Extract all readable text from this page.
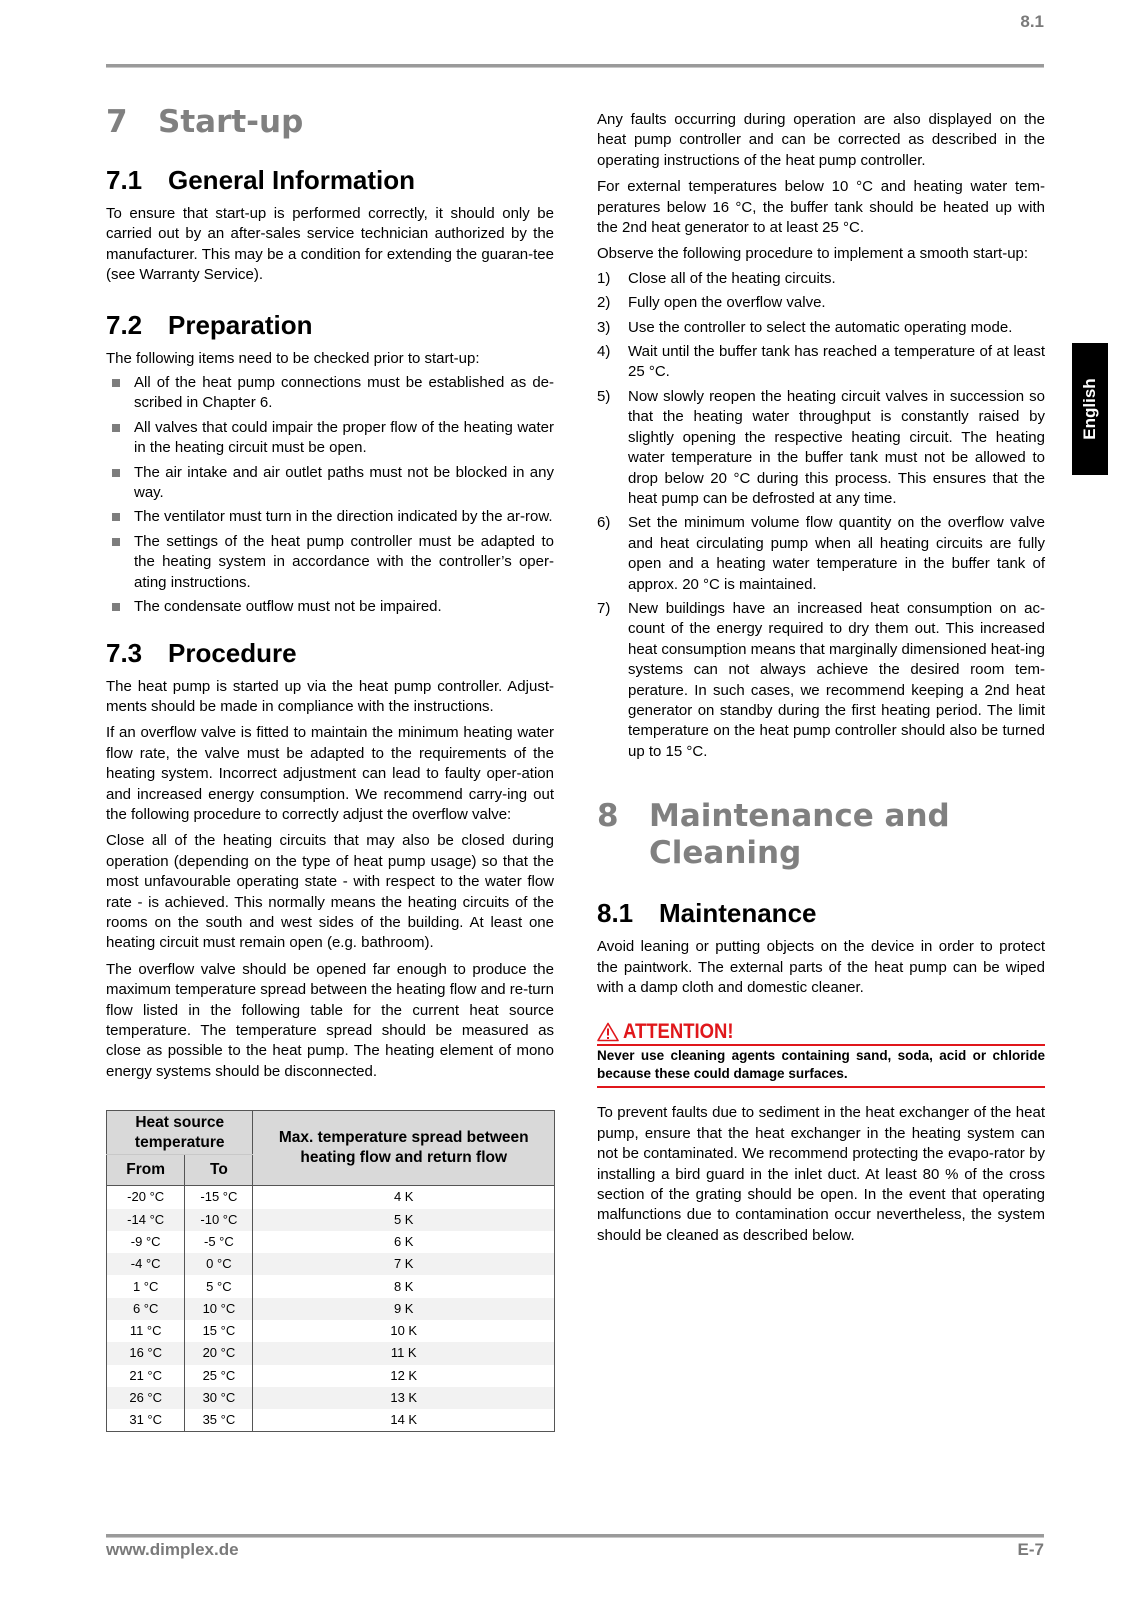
8.1
English
7 Start-up
7.1 General Information

To ensure that start-up is performed correctly, it should only be carried out by an after-sales service technician authorized by the manufacturer. This may be a condition for extending the guaran-tee (see Warranty Service).

7.2 Preparation

The following items need to be checked prior to start-up:

All of the heat pump connections must be established as de-scribed in Chapter 6.
All valves that could impair the proper flow of the heating water in the heating circuit must be open.
The air intake and air outlet paths must not be blocked in any way.
The ventilator must turn in the direction indicated by the ar-row.
The settings of the heat pump controller must be adapted to the heating system in accordance with the controller’s oper-ating instructions.
The condensate outflow must not be impaired.
7.3 Procedure

The heat pump is started up via the heat pump controller. Adjust-ments should be made in compliance with the instructions.

If an overflow valve is fitted to maintain the minimum heating water flow rate, the valve must be adapted to the requirements of the heating system. Incorrect adjustment can lead to faulty oper-ation and increased energy consumption. We recommend carry-ing out the following procedure to correctly adjust the overflow valve:

Close all of the heating circuits that may also be closed during operation (depending on the type of heat pump usage) so that the most unfavourable operating state - with respect to the water flow rate - is achieved. This normally means the heating circuits of the rooms on the south and west sides of the building. At least one heating circuit must remain open (e.g. bathroom).

The overflow valve should be opened far enough to produce the maximum temperature spread between the heating flow and re-turn flow listed in the following table for the current heat source temperature. The temperature spread should be measured as close as possible to the heat pump. The heating element of mono energy systems should be disconnected.

Heat source temperature		Max. temperature spread between heating flow and return flow
From	To	
-20 °C	-15 °C	4 K
-14 °C	-10 °C	5 K
-9 °C	-5 °C	6 K
-4 °C	0 °C	7 K
1 °C	5 °C	8 K
6 °C	10 °C	9 K
11 °C	15 °C	10 K
16 °C	20 °C	11 K
21 °C	25 °C	12 K
26 °C	30 °C	13 K
31 °C	35 °C	14 K

Any faults occurring during operation are also displayed on the heat pump controller and can be corrected as described in the operating instructions of the heat pump controller.

For external temperatures below 10 °C and heating water tem-peratures below 16 °C, the buffer tank should be heated up with the 2nd heat generator to at least 25 °C.

Observe the following procedure to implement a smooth start-up:

1)	Close all of the heating circuits.
2)	Fully open the overflow valve.
3)	Use the controller to select the automatic operating mode.
4)	Wait until the buffer tank has reached a temperature of at least 25 °C.
5)	Now slowly reopen the heating circuit valves in succession so that the heating water throughput is constantly raised by slightly opening the respective heating circuit. The heating water temperature in the buffer tank must not be allowed to drop below 20 °C during this process. This ensures that the heat pump can be defrosted at any time.
6)	Set the minimum volume flow quantity on the overflow valve and heat circulating pump when all heating circuits are fully open and a heating water temperature in the buffer tank of approx. 20 °C is maintained.
7)	New buildings have an increased heat consumption on ac-count of the energy required to dry them out. This increased heat consumption means that marginally dimensioned heat-ing systems can not always achieve the desired room tem-perature. In such cases, we recommend keeping a 2nd heat generator on standby during the first heating period. The limit temperature on the heat pump controller should also be turned up to 15 °C.
8 Maintenance and
Cleaning
8.1 Maintenance

Avoid leaning or putting objects on the device in order to protect the paintwork. The external parts of the heat pump can be wiped with a damp cloth and domestic cleaner.

ATTENTION!
Never use cleaning agents containing sand, soda, acid or chloride because these could damage surfaces.

To prevent faults due to sediment in the heat exchanger of the heat pump, ensure that the heat exchanger in the heating system can not be contaminated. We recommend protecting the evapo-rator by installing a bird guard in the inlet duct. At least 80 % of the cross section of the grating should be open. In the event that operating malfunctions due to contamination occur nevertheless, the system should be cleaned as described below.

www.dimplex.de	E-7
